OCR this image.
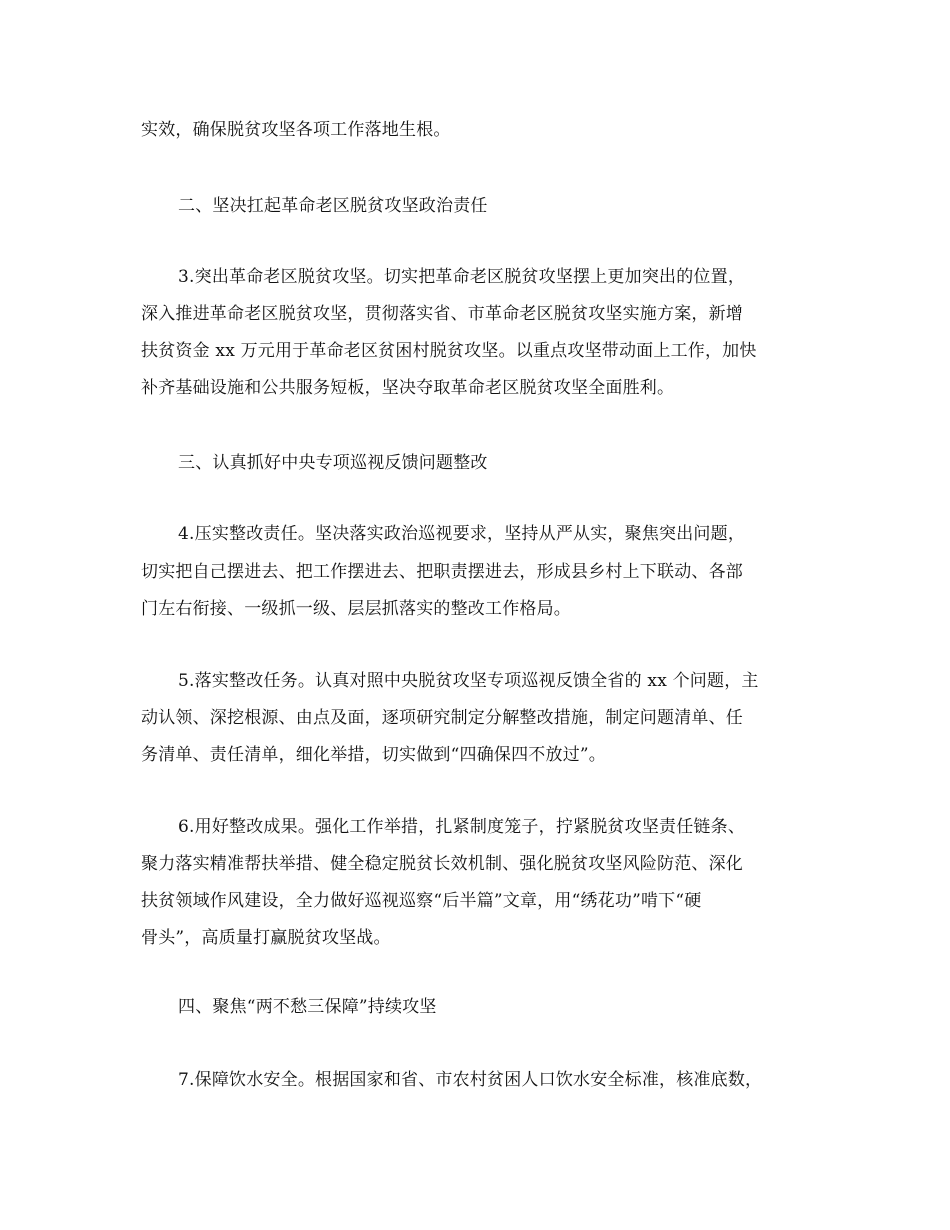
实效，确保脱贫攻坚各项工作落地生根。
二、坚决扛起革命老区脱贫攻坚政治责任
3.突出革命老区脱贫攻坚。切实把革命老区脱贫攻坚摆上更加突出的位置，
深入推进革命老区脱贫攻坚，贯彻落实省、市革命老区脱贫攻坚实施方案，新增
扶贫资金 xx 万元用于革命老区贫困村脱贫攻坚。以重点攻坚带动面上工作，加快
补齐基础设施和公共服务短板，坚决夺取革命老区脱贫攻坚全面胜利。
三、认真抓好中央专项巡视反馈问题整改
4.压实整改责任。坚决落实政治巡视要求，坚持从严从实，聚焦突出问题，
切实把自己摆进去、把工作摆进去、把职责摆进去，形成县乡村上下联动、各部
门左右衔接、一级抓一级、层层抓落实的整改工作格局。
5.落实整改任务。认真对照中央脱贫攻坚专项巡视反馈全省的 xx 个问题，主
动认领、深挖根源、由点及面，逐项研究制定分解整改措施，制定问题清单、任
务清单、责任清单，细化举措，切实做到“四确保四不放过”。
6.用好整改成果。强化工作举措，扎紧制度笼子，拧紧脱贫攻坚责任链条、
聚力落实精准帮扶举措、健全稳定脱贫长效机制、强化脱贫攻坚风险防范、深化
扶贫领域作风建设，全力做好巡视巡察“后半篇”文章，用“绣花功”啃下“硬
骨头”，高质量打赢脱贫攻坚战。
四、聚焦“两不愁三保障”持续攻坚
7.保障饮水安全。根据国家和省、市农村贫困人口饮水安全标准，核准底数，
